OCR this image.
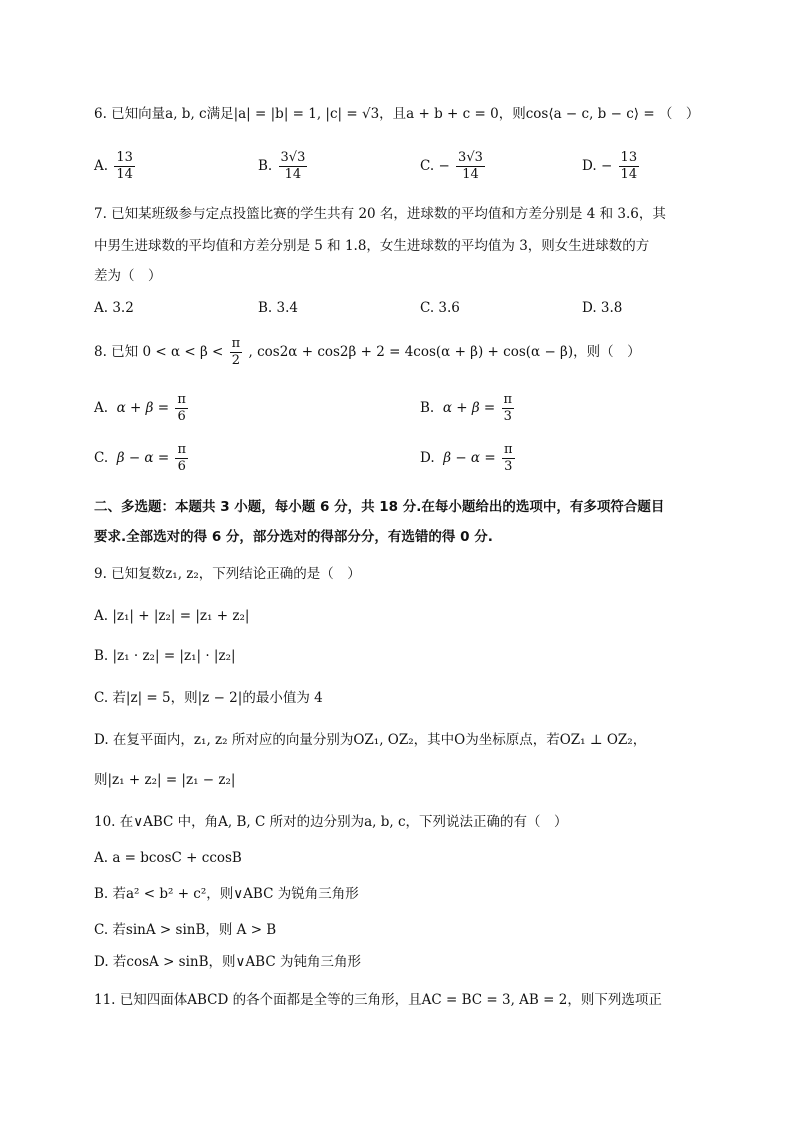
6. 已知向量a, b, c满足|a| = |b| = 1, |c| = √3，且a + b + c = 0，则cos⟨a − c, b − c⟩ = （　）
A. $\frac{13}{14}$	B. $\frac{3√3}{14}$	C. − $\frac{3√3}{14}$	D. − $\frac{13}{14}$
7. 已知某班级参与定点投篮比赛的学生共有 20 名，进球数的平均值和方差分别是 4 和 3.6，其
中男生进球数的平均值和方差分别是 5 和 1.8，女生进球数的平均值为 3，则女生进球数的方
差为（　）
A. 3.2	B. 3.4	C. 3.6	D. 3.8
8. 已知 $0 < \alpha < \beta < \frac{\pi}{2}$ , cos2α + cos2β + 2 = 4cos(α + β) + cos(α − β)，则（　）
A. $\alpha + \beta = \frac{\pi}{6}$	B. $\alpha + \beta = \frac{\pi}{3}$
C. $\beta - \alpha = \frac{\pi}{6}$	D. $\beta - \alpha = \frac{\pi}{3}$
二、多选题：本题共 3 小题，每小题 6 分，共 18 分.在每小题给出的选项中，有多项符合题目
要求.全部选对的得 6 分，部分选对的得部分分，有选错的得 0 分.
9. 已知复数z₁, z₂，下列结论正确的是（　）
A. |z₁| + |z₂| = |z₁ + z₂|
B. |z₁ · z₂| = |z₁| · |z₂|
C. 若|z| = 5，则|z − 2|的最小值为 4
D. 在复平面内，z₁, z₂ 所对应的向量分别为OZ₁, OZ₂，其中O为坐标原点，若OZ₁ ⊥ OZ₂，
则|z₁ + z₂| = |z₁ − z₂|
10. 在∨ABC 中，角A, B, C 所对的边分别为a, b, c，下列说法正确的有（　）
A. a = bcosC + ccosB
B. 若a² < b² + c²，则∨ABC 为锐角三角形
C. 若sinA > sinB，则 A > B
D. 若cosA > sinB，则∨ABC 为钝角三角形
11. 已知四面体ABCD 的各个面都是全等的三角形，且AC = BC = 3, AB = 2，则下列选项正
